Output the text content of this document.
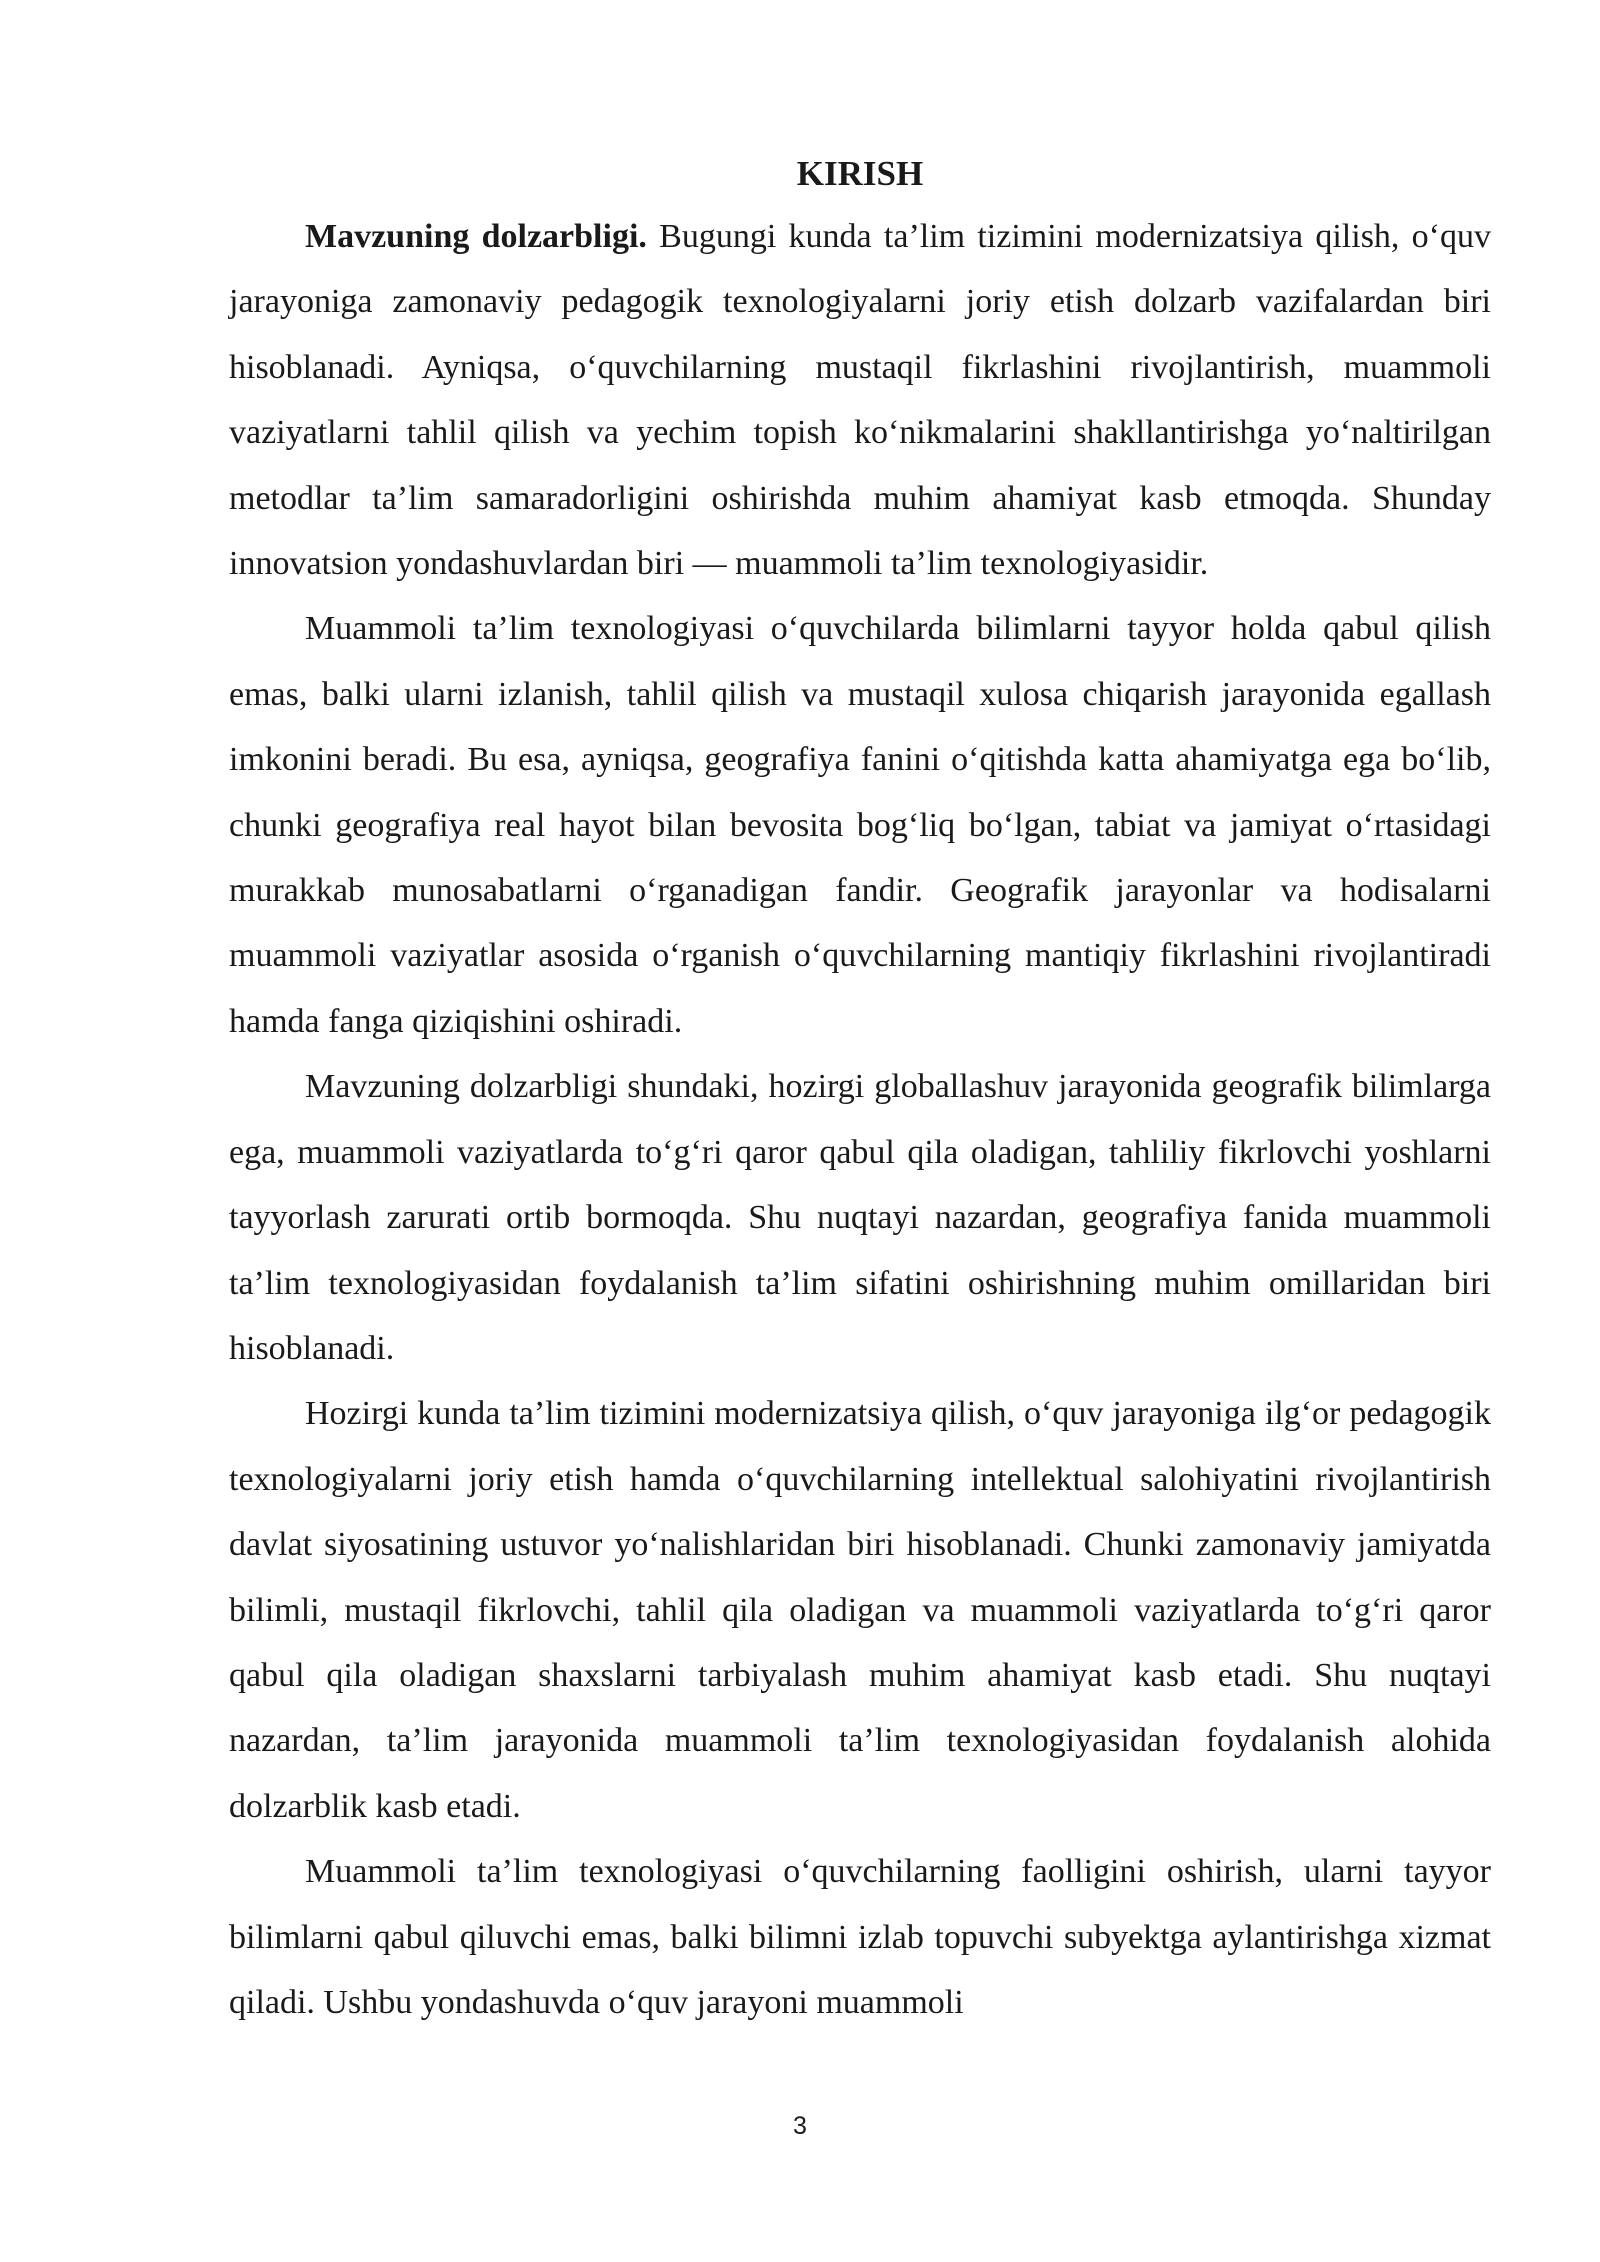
KIRISH

Mavzuning dolzarbligi. Bugungi kunda ta’lim tizimini modernizatsiya qilish, o‘quv jarayoniga zamonaviy pedagogik texnologiyalarni joriy etish dolzarb vazifalardan biri hisoblanadi. Ayniqsa, o‘quvchilarning mustaqil fikrlashini rivojlantirish, muammoli vaziyatlarni tahlil qilish va yechim topish ko‘nikmalarini shakllantirishga yo‘naltirilgan metodlar ta’lim samaradorligini oshirishda muhim ahamiyat kasb etmoqda. Shunday innovatsion yondashuvlardan biri — muammoli ta’lim texnologiyasidir.

Muammoli ta’lim texnologiyasi o‘quvchilarda bilimlarni tayyor holda qabul qilish emas, balki ularni izlanish, tahlil qilish va mustaqil xulosa chiqarish jarayonida egallash imkonini beradi. Bu esa, ayniqsa, geografiya fanini o‘qitishda katta ahamiyatga ega bo‘lib, chunki geografiya real hayot bilan bevosita bog‘liq bo‘lgan, tabiat va jamiyat o‘rtasidagi murakkab munosabatlarni o‘rganadigan fandir. Geografik jarayonlar va hodisalarni muammoli vaziyatlar asosida o‘rganish o‘quvchilarning mantiqiy fikrlashini rivojlantiradi hamda fanga qiziqishini oshiradi.

Mavzuning dolzarbligi shundaki, hozirgi globallashuv jarayonida geografik bilimlarga ega, muammoli vaziyatlarda to‘g‘ri qaror qabul qila oladigan, tahliliy fikrlovchi yoshlarni tayyorlash zarurati ortib bormoqda. Shu nuqtayi nazardan, geografiya fanida muammoli ta’lim texnologiyasidan foydalanish ta’lim sifatini oshirishning muhim omillaridan biri hisoblanadi.

Hozirgi kunda ta’lim tizimini modernizatsiya qilish, o‘quv jarayoniga ilg‘or pedagogik texnologiyalarni joriy etish hamda o‘quvchilarning intellektual salohiyatini rivojlantirish davlat siyosatining ustuvor yo‘nalishlaridan biri hisoblanadi. Chunki zamonaviy jamiyatda bilimli, mustaqil fikrlovchi, tahlil qila oladigan va muammoli vaziyatlarda to‘g‘ri qaror qabul qila oladigan shaxslarni tarbiyalash muhim ahamiyat kasb etadi. Shu nuqtayi nazardan, ta’lim jarayonida muammoli ta’lim texnologiyasidan foydalanish alohida dolzarblik kasb etadi.

Muammoli ta’lim texnologiyasi o‘quvchilarning faolligini oshirish, ularni tayyor bilimlarni qabul qiluvchi emas, balki bilimni izlab topuvchi subyektga aylantirishga xizmat qiladi. Ushbu yondashuvda o‘quv jarayoni muammoli

3
